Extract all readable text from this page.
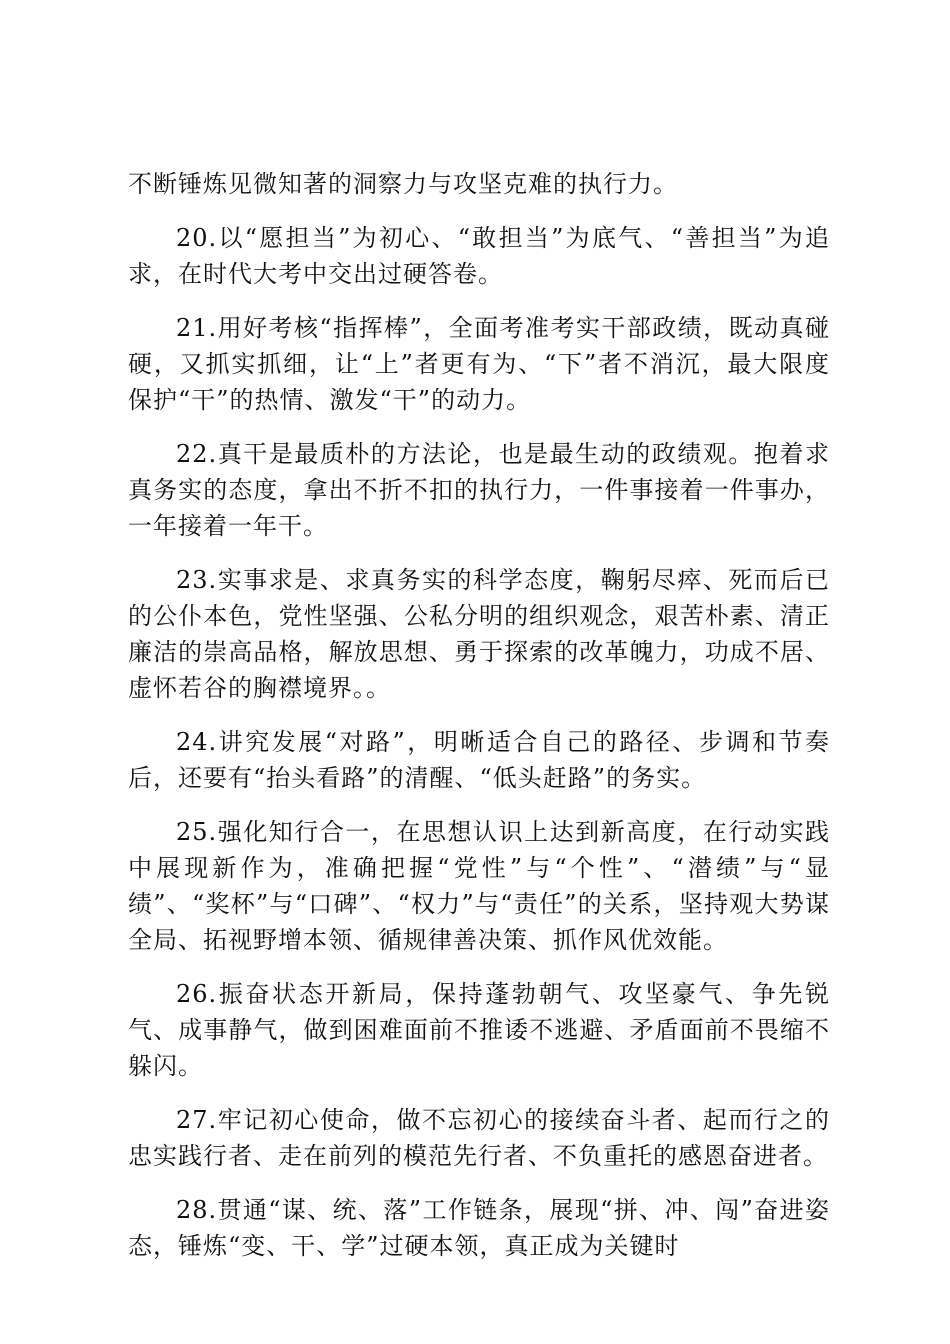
不断锤炼见微知著的洞察力与攻坚克难的执行力。

20.以“愿担当”为初心、“敢担当”为底气、“善担当”为追求，在时代大考中交出过硬答卷。

21.用好考核“指挥棒”，全面考准考实干部政绩，既动真碰硬，又抓实抓细，让“上”者更有为、“下”者不消沉，最大限度保护“干”的热情、激发“干”的动力。

22.真干是最质朴的方法论，也是最生动的政绩观。抱着求真务实的态度，拿出不折不扣的执行力，一件事接着一件事办，一年接着一年干。

23.实事求是、求真务实的科学态度，鞠躬尽瘁、死而后已的公仆本色，党性坚强、公私分明的组织观念，艰苦朴素、清正廉洁的崇高品格，解放思想、勇于探索的改革魄力，功成不居、虚怀若谷的胸襟境界。。

24.讲究发展“对路”，明晰适合自己的路径、步调和节奏后，还要有“抬头看路”的清醒、“低头赶路”的务实。

25.强化知行合一，在思想认识上达到新高度，在行动实践中展现新作为，准确把握“党性”与“个性”、“潜绩”与“显绩”、“奖杯”与“口碑”、“权力”与“责任”的关系，坚持观大势谋全局、拓视野增本领、循规律善决策、抓作风优效能。

26.振奋状态开新局，保持蓬勃朝气、攻坚豪气、争先锐气、成事静气，做到困难面前不推诿不逃避、矛盾面前不畏缩不躲闪。

27.牢记初心使命，做不忘初心的接续奋斗者、起而行之的忠实践行者、走在前列的模范先行者、不负重托的感恩奋进者。

28.贯通“谋、统、落”工作链条，展现“拼、冲、闯”奋进姿态，锤炼“变、干、学”过硬本领，真正成为关键时
